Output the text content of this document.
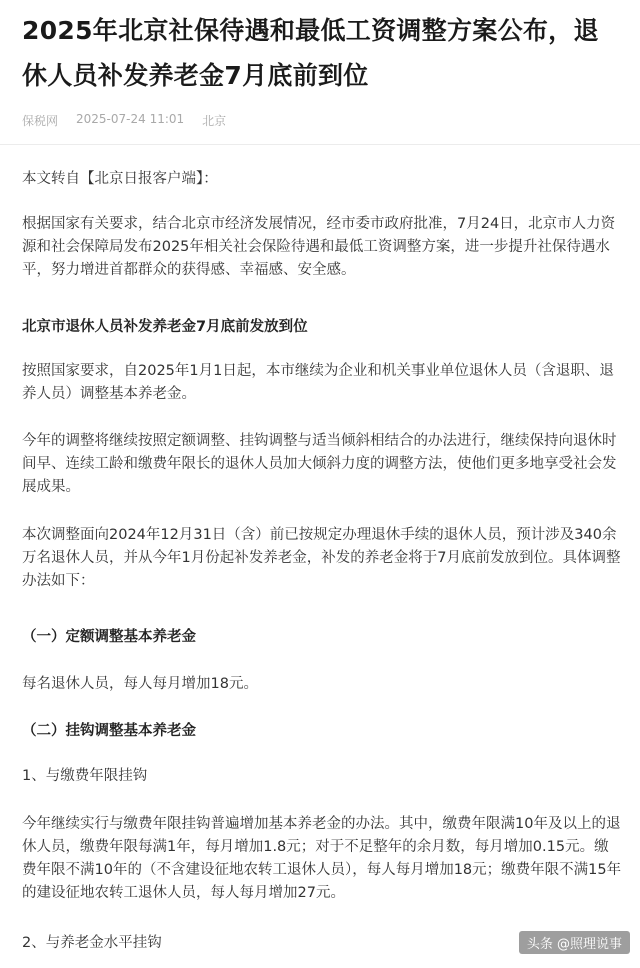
2025年北京社保待遇和最低工资调整方案公布，退休人员补发养老金7月底前到位
保税网 2025-07-24 11:01 北京
本文转自【北京日报客户端】：
根据国家有关要求，结合北京市经济发展情况，经市委市政府批准，7月24日，北京市人力资源和社会保障局发布2025年相关社会保险待遇和最低工资调整方案，进一步提升社保待遇水平，努力增进首都群众的获得感、幸福感、安全感。
北京市退休人员补发养老金7月底前发放到位
按照国家要求，自2025年1月1日起，本市继续为企业和机关事业单位退休人员（含退职、退养人员）调整基本养老金。
今年的调整将继续按照定额调整、挂钩调整与适当倾斜相结合的办法进行，继续保持向退休时间早、连续工龄和缴费年限长的退休人员加大倾斜力度的调整方法，使他们更多地享受社会发展成果。
本次调整面向2024年12月31日（含）前已按规定办理退休手续的退休人员，预计涉及340余万名退休人员，并从今年1月份起补发养老金，补发的养老金将于7月底前发放到位。具体调整办法如下：
（一）定额调整基本养老金
每名退休人员，每人每月增加18元。
（二）挂钩调整基本养老金
1、与缴费年限挂钩
今年继续实行与缴费年限挂钩普遍增加基本养老金的办法。其中，缴费年限满10年及以上的退休人员，缴费年限每满1年，每月增加1.8元；对于不足整年的余月数，每月增加0.15元。缴费年限不满10年的（不含建设征地农转工退休人员），每人每月增加18元；缴费年限不满15年的建设征地农转工退休人员，每人每月增加27元。
2、与养老金水平挂钩	头条 @照理说事
